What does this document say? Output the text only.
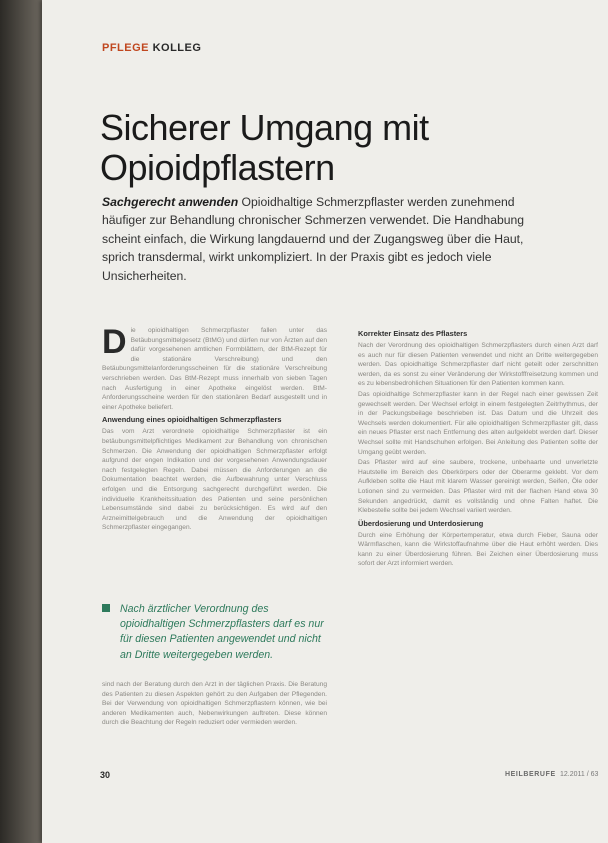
PFLEGE KOLLEG
Sicherer Umgang mit
Opioidpflastern

Sachgerecht anwenden Opioidhaltige Schmerzpflaster werden zunehmend häufiger zur Behandlung chronischer Schmerzen verwendet. Die Handhabung scheint einfach, die Wirkung langdauernd und der Zugangsweg über die Haut, sprich transdermal, wirkt unkompliziert. In der Praxis gibt es jedoch viele Unsicherheiten.

D ie opioidhaltigen Schmerzpflaster fallen unter das Betäubungsmittelgesetz (BtMG) und dürfen nur von Ärzten auf den dafür vorgesehenen amtlichen Formblättern, der BtM-Rezept für die stationäre Verschreibung) und den Betäubungsmittelanforderungsscheinen für die stationäre Verschreibung verschrieben werden. Das BtM-Rezept muss innerhalb von sieben Tagen nach Ausfertigung in einer Apotheke eingelöst werden. BtM-Anforderungsscheine werden für den stationären Bedarf ausgestellt und in einer Apotheke beliefert.

Anwendung eines opioidhaltigen Schmerzpflasters

Das vom Arzt verordnete opioidhaltige Schmerzpflaster ist ein betäubungsmittelpflichtiges Medikament zur Behandlung von chronischen Schmerzen. Die Anwendung der opioidhaltigen Schmerzpflaster erfolgt aufgrund der engen Indikation und der vorgesehenen Anwendungsdauer nach festgelegten Regeln. Dabei müssen die Anforderungen an die Dokumentation beachtet werden, die Aufbewahrung unter Verschluss erfolgen und die Entsorgung sachgerecht durchgeführt werden. Die individuelle Krankheitssituation des Patienten und seine persönlichen Lebensumstände sind dabei zu berücksichtigen. Es wird auf den Arzneimittelgebrauch und die Anwendung der opioidhaltigen Schmerzpflaster eingegangen.

Nach ärztlicher Verordnung des opioidhaltigen Schmerzpflasters darf es nur für diesen Patienten angewendet und nicht an Dritte weitergegeben werden.

sind nach der Beratung durch den Arzt in der täglichen Praxis. Die Beratung des Patienten zu diesen Aspekten gehört zu den Aufgaben der Pflegenden. Bei der Verwendung von opioidhaltigen Schmerzpflastern können, wie bei anderen Medikamenten auch, Nebenwirkungen auftreten. Diese können durch die Beachtung der Regeln reduziert oder vermieden werden.

Korrekter Einsatz des Pflasters

Nach der Verordnung des opioidhaltigen Schmerzpflasters durch einen Arzt darf es auch nur für diesen Patienten verwendet und nicht an Dritte weitergegeben werden. Das opioidhaltige Schmerzpflaster darf nicht geteilt oder zerschnitten werden, da es sonst zu einer Veränderung der Wirkstofffreisetzung kommen und es zu lebensbedrohlichen Situationen für den Patienten kommen kann.

Das opioidhaltige Schmerzpflaster kann in der Regel nach einer gewissen Zeit gewechselt werden. Der Wechsel erfolgt in einem festgelegten Zeitrhythmus, der in der Packungsbeilage beschrieben ist. Das Datum und die Uhrzeit des Wechsels werden dokumentiert. Für alle opioidhaltigen Schmerzpflaster gilt, dass ein neues Pflaster erst nach Entfernung des alten aufgeklebt werden darf. Dieser Wechsel sollte mit Handschuhen erfolgen. Bei Anleitung des Patienten sollte der Umgang geübt werden.

Das Pflaster wird auf eine saubere, trockene, unbehaarte und unverletzte Hautstelle im Bereich des Oberkörpers oder der Oberarme geklebt. Vor dem Aufkleben sollte die Haut mit klarem Wasser gereinigt werden, Seifen, Öle oder Lotionen sind zu vermeiden. Das Pflaster wird mit der flachen Hand etwa 30 Sekunden angedrückt, damit es vollständig und ohne Falten haftet. Die Klebestelle sollte bei jedem Wechsel variiert werden.

Überdosierung und Unterdosierung

Durch eine Erhöhung der Körpertemperatur, etwa durch Fieber, Sauna oder Wärmflaschen, kann die Wirkstoffaufnahme über die Haut erhöht werden. Dies kann zu einer Überdosierung führen. Bei Zeichen einer Überdosierung muss sofort der Arzt informiert werden.

30	HEILBERUFE 12.2011 / 63
